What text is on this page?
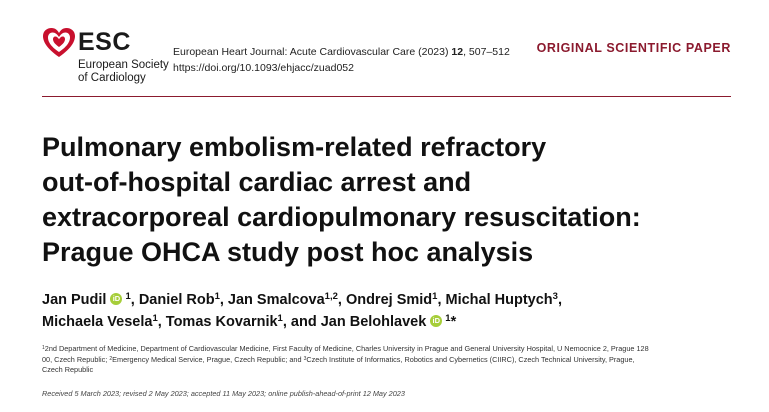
ESC
European Society
of Cardiology
European Heart Journal: Acute Cardiovascular Care (2023) 12, 507–512
https://doi.org/10.1093/ehjacc/zuad052
ORIGINAL SCIENTIFIC PAPER
Pulmonary embolism-related refractory
out-of-hospital cardiac arrest and
extracorporeal cardiopulmonary resuscitation:
Prague OHCA study post hoc analysis
Jan Pudil iD $^1$, Daniel Rob$^1$, Jan Smalcova$^{1,2}$, Ondrej Smid$^1$, Michal Huptych$^3$,
Michaela Vesela$^1$, Tomas Kovarnik$^1$, and Jan Belohlavek iD $^1$*
$^1$2nd Department of Medicine, Department of Cardiovascular Medicine, First Faculty of Medicine, Charles University in Prague and General University Hospital, U Nemocnice 2, Prague 128
00, Czech Republic; $^2$Emergency Medical Service, Prague, Czech Republic; and $^3$Czech Institute of Informatics, Robotics and Cybernetics (CIIRC), Czech Technical University, Prague,
Czech Republic
Received 5 March 2023; revised 2 May 2023; accepted 11 May 2023; online publish-ahead-of-print 12 May 2023
